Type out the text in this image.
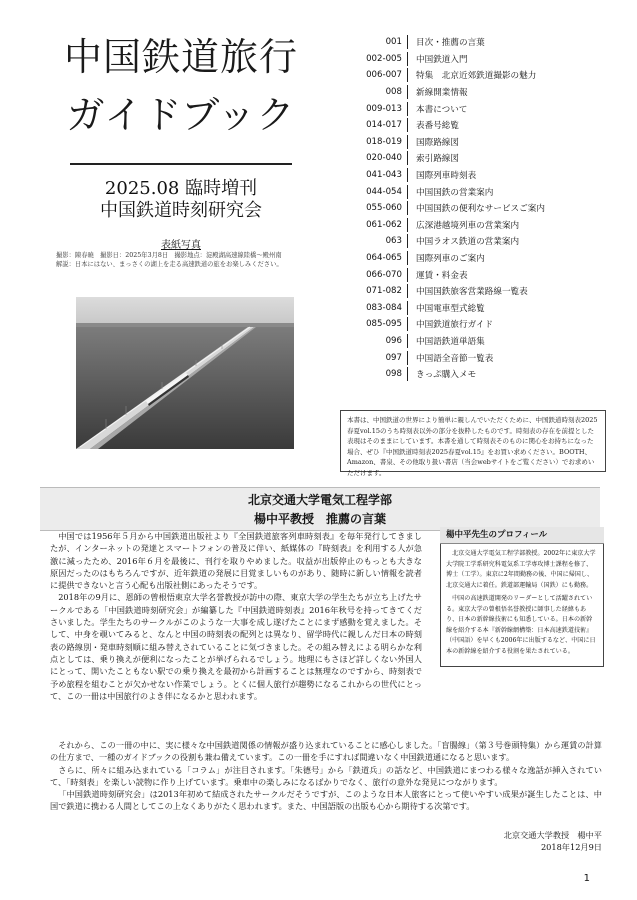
中国鉄道旅行
ガイドブック
2025.08 臨時増刊
中国鉄道時刻研究会
表紙写真
撮影：陳春暁　撮影日：2025年3月8日　撮影地点：淀殿湖高速線陸橋～殿州南
解説：日本にはない、まっさくの湖上を走る高速鉄道の旅をお楽しみください。
001	目次・推薦の言葉
002-005	中国鉄道入門
006-007	特集　北京近郊鉄道撮影の魅力
008	新線開業情報
009-013	本書について
014-017	表番号総覧
018-019	国際路線図
020-040	索引路線図
041-043	国際列車時刻表
044-054	中国国鉄の営業案内
055-060	中国国鉄の便利なサービスご案内
061-062	広深港越境列車の営業案内
063	中国ラオス鉄道の営業案内
064-065	国際列車のご案内
066-070	運賃・料金表
071-082	中国国鉄旅客営業路線一覧表
083-084	中国電車型式総覧
085-095	中国鉄道旅行ガイド
096	中国語鉄道単語集
097	中国語全音節一覧表
098	きっぷ購入メモ
本書は、中国鉄道の世界により簡単に親しんでいただくために、中国鉄道時刻表2025春夏vol.15のうち時刻表以外の部分を抜粋したものです。時刻表の存在を前提とした表現はそのままにしています。本書を通して時刻表そのものに関心をお持ちになった場合、ぜひ『中国鉄道時刻表2025春夏vol.15』をお買い求めください。BOOTH、Amazon、書泉、その他取り扱い書店（当会webサイトをご覧ください）でお求めいただけます。
北京交通大学電気工程学部
楊中平教授　推薦の言葉

中国では1956年５月から中国鉄道出版社より『全国鉄道旅客列車時刻表』を毎年発行してきましたが、インターネットの発達とスマートフォンの普及に伴い、紙媒体の『時刻表』を利用する人が急激に減ったため、2016年６月を最後に、刊行を取りやめました。収益が出版停止のもっとも大きな原因だったのはもちろんですが、近年鉄道の発展に目覚ましいものがあり、随時に新しい情報を読者に提供できないと言う心配も出版社側にあったそうです。

2018年の9月に、恩師の曾根悟東京大学名誉教授が訪中の際、東京大学の学生たちが立ち上げたサークルである「中国鉄道時刻研究会」が編纂した『中国鉄道時刻表』2016年秋号を持ってきてくださいました。学生たちのサークルがこのような一大事を成し遂げたことにまず感動を覚えました。そして、中身を覗いてみると、なんと中国の時刻表の配列とは異なり、留学時代に親しんだ日本の時刻表の路線別・発車時刻順に組み替えされていることに気づきました。その組み替えによる明らかな利点としては、乗り換えが便利になったことが挙げられるでしょう。地理にもさほど詳しくない外国人にとって、開いたこともない駅での乗り換えを最初から計画することは無理なのですから、時刻表で予め旅程を組むことが欠かせない作業でしょう。とくに個人旅行が趨勢になるこれからの世代にとって、この一冊は中国旅行のよき伴になるかと思われます。

それから、この一冊の中に、実に様々な中国鉄道関係の情報が盛り込まれていることに感心しました。「盲腸線」（第３号巻頭特集）から運賃の計算の仕方まで、一種のガイドブックの役割も兼ね備えています。この一冊を手にすれば間違いなく中国鉄道通になると思います。

さらに、所々に組み込まれている「コラム」が注目されます。「朱德号」から「鉄道兵」の話など、中国鉄道にまつわる様々な逸話が挿入されていて、「時刻表」を楽しい読物に作り上げています。乗車中の楽しみになるばかりでなく、旅行の意外な発見につながります。

「中国鉄道時刻研究会」は2013年初めて結成されたサークルだそうですが、このような日本人旅客にとって使いやすい成果が誕生したことは、中国で鉄道に携わる人間としてこの上なくありがたく思われます。また、中国語版の出版も心から期待する次第です。

楊中平先生のプロフィール

北京交通大学電気工程学部教授。2002年に東京大学大学院工学系研究科電気系工学専攻博士課程を修了、博士（工学）。東京に2年間勤務の後、中国に帰国し、北京交通大に着任。鉄道部運輸局（国鉄）にも勤務。

中国の高速鉄道開発のリーダーとして活躍されている。東京大学の曾根悟名誉教授に師事した経緯もあり、日本の新幹線技術にも知悉している。日本の新幹線を紹介する本『新幹線網構築：日本高速鉄道技術』（中国語）を早くも2006年に出版するなど、中国に日本の新幹線を紹介する役割を果たされている。

北京交通大学教授　楊中平
2018年12月9日
1
